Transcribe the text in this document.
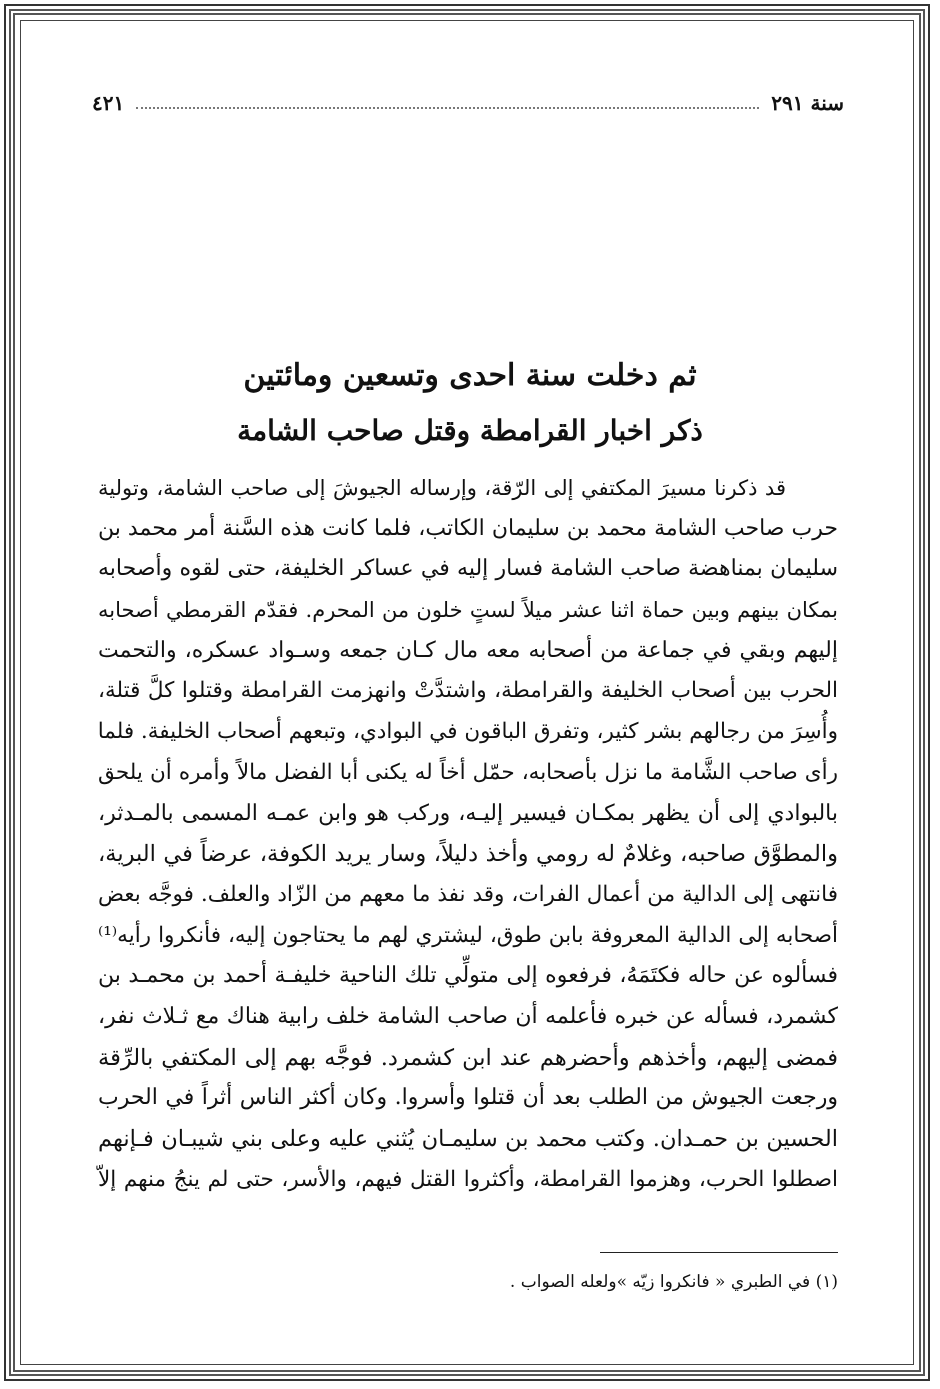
سنة ٢٩١
٤٢١
ثم دخلت سنة احدى وتسعين ومائتين
ذكر اخبار القرامطة وقتل صاحب الشامة
قد ذكرنا مسيرَ المكتفي إلى الرّقة، وإرساله الجيوشَ إلى صاحب الشامة، وتولية
حرب صاحب الشامة محمد بن سليمان الكاتب، فلما كانت هذه السَّنة أمر محمد بن
سليمان بمناهضة صاحب الشامة فسار إليه في عساكر الخليفة، حتى لقوه وأصحابه
بمكان بينهم وبين حماة اثنا عشر ميلاً لستٍ خلون من المحرم. فقدّم القرمطي أصحابه
إليهم وبقي في جماعة من أصحابه معه مال كـان جمعه وسـواد عسكره، والتحمت
الحرب بين أصحاب الخليفة والقرامطة، واشتدَّتْ وانهزمت القرامطة وقتلوا كلَّ قتلة،
وأُسِرَ من رجالهم بشر كثير، وتفرق الباقون في البوادي، وتبعهم أصحاب الخليفة. فلما
رأى صاحب الشَّامة ما نزل بأصحابه، حمّل أخاً له يكنى أبا الفضل مالاً وأمره أن يلحق
بالبوادي إلى أن يظهر بمكـان فيسير إليـه، وركب هو وابن عمـه المسمى بالمـدثر،
والمطوَّق صاحبه، وغلامٌ له رومي وأخذ دليلاً، وسار يريد الكوفة، عرضاً في البرية،
فانتهى إلى الدالية من أعمال الفرات، وقد نفذ ما معهم من الزّاد والعلف. فوجَّه بعض
أصحابه إلى الدالية المعروفة بابن طوق، ليشتري لهم ما يحتاجون إليه، فأنكروا رأيه⁽¹⁾
فسألوه عن حاله فكتَمَهُ، فرفعوه إلى متولِّي تلك الناحية خليفـة أحمد بن محمـد بن
كشمرد، فسأله عن خبره فأعلمه أن صاحب الشامة خلف رابية هناك مع ثـلاث نفر،
فمضى إليهم، وأخذهم وأحضرهم عند ابن كشمرد. فوجَّه بهم إلى المكتفي بالرِّقة
ورجعت الجيوش من الطلب بعد أن قتلوا وأسروا. وكان أكثر الناس أثراً في الحرب
الحسين بن حمـدان. وكتب محمد بن سليمـان يُثني عليه وعلى بني شيبـان فـإنهم
اصطلوا الحرب، وهزموا القرامطة، وأكثروا القتل فيهم، والأسر، حتى لم ينجُ منهم إلاّ
(١) في الطبري « فانكروا زيّه »ولعله الصواب .
